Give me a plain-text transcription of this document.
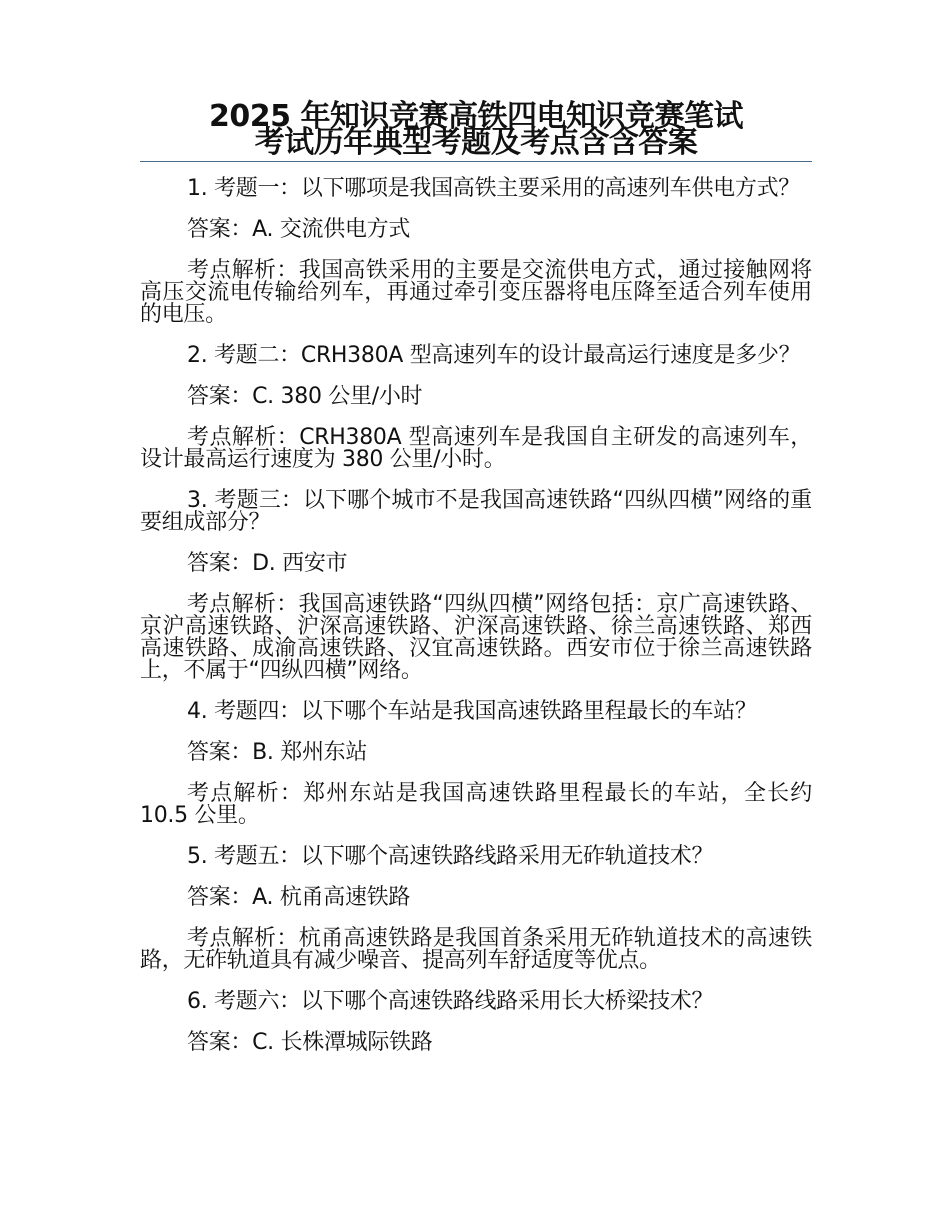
2025 年知识竞赛高铁四电知识竞赛笔试
考试历年典型考题及考点含含答案

1. 考题一：以下哪项是我国高铁主要采用的高速列车供电方式？

答案：A. 交流供电方式

考点解析：我国高铁采用的主要是交流供电方式，通过接触网将高压交流电传输给列车，再通过牵引变压器将电压降至适合列车使用的电压。

2. 考题二：CRH380A 型高速列车的设计最高运行速度是多少？

答案：C. 380 公里/小时

考点解析：CRH380A 型高速列车是我国自主研发的高速列车，设计最高运行速度为 380 公里/小时。

3. 考题三：以下哪个城市不是我国高速铁路“四纵四横”网络的重要组成部分？

答案：D. 西安市

考点解析：我国高速铁路“四纵四横”网络包括：京广高速铁路、京沪高速铁路、沪深高速铁路、沪深高速铁路、徐兰高速铁路、郑西高速铁路、成渝高速铁路、汉宜高速铁路。西安市位于徐兰高速铁路上，不属于“四纵四横”网络。

4. 考题四：以下哪个车站是我国高速铁路里程最长的车站？

答案：B. 郑州东站

考点解析：郑州东站是我国高速铁路里程最长的车站，全长约 10.5 公里。

5. 考题五：以下哪个高速铁路线路采用无砟轨道技术？

答案：A. 杭甬高速铁路

考点解析：杭甬高速铁路是我国首条采用无砟轨道技术的高速铁路，无砟轨道具有减少噪音、提高列车舒适度等优点。

6. 考题六：以下哪个高速铁路线路采用长大桥梁技术？

答案：C. 长株潭城际铁路
